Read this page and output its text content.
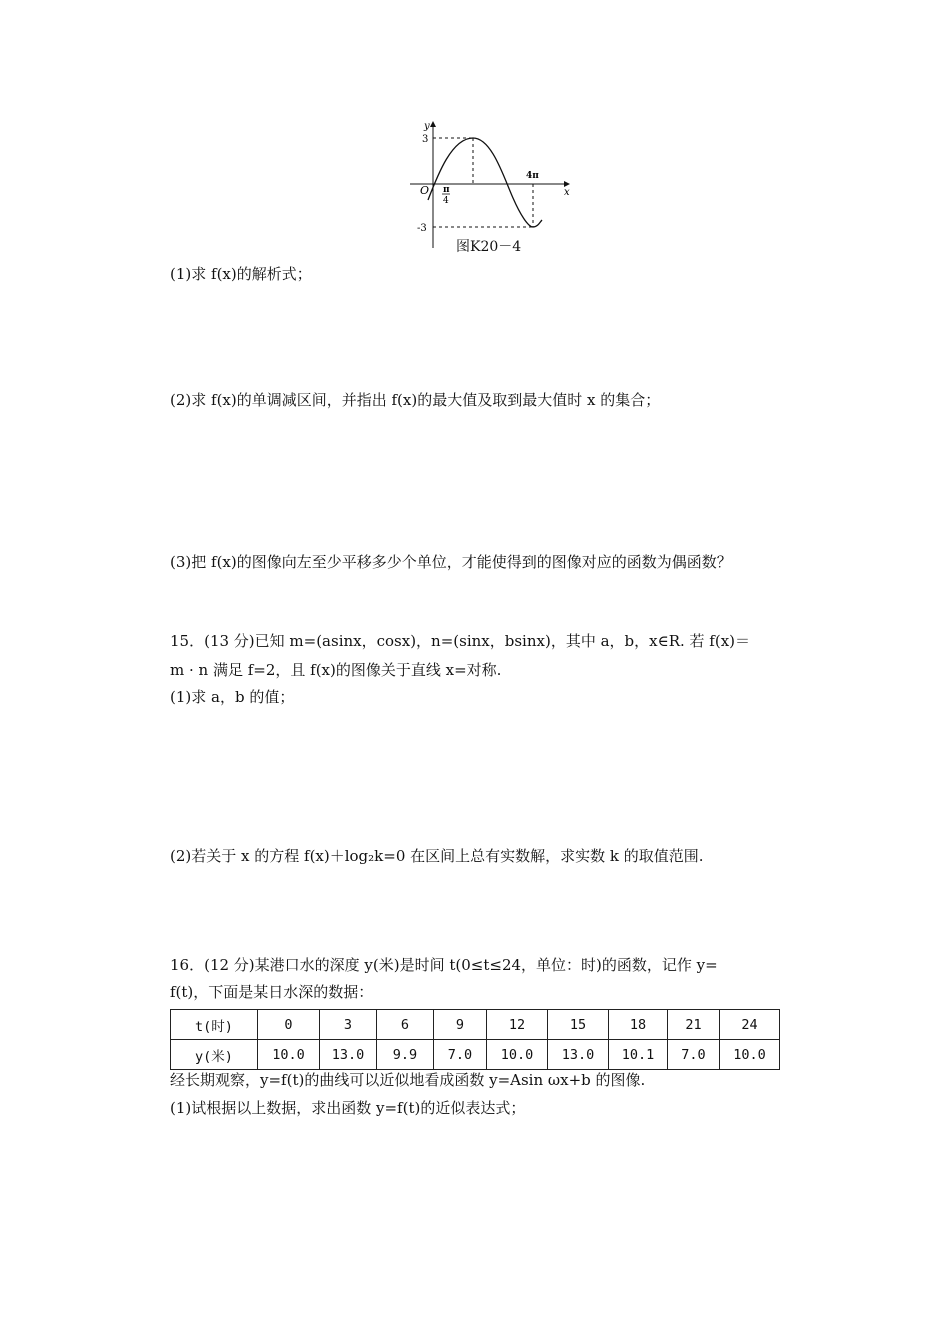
y
x
O
3
-3
π
4
4π
图K20－4
(1)求 f(x)的解析式；
(2)求 f(x)的单调减区间，并指出 f(x)的最大值及取到最大值时 x 的集合；
(3)把 f(x)的图像向左至少平移多少个单位，才能使得到的图像对应的函数为偶函数？
15．(13 分)已知 m=(asinx，cosx)，n=(sinx，bsinx)，其中 a，b，x∈R. 若 f(x)＝
m · n 满足 f=2，且 f(x)的图像关于直线 x=对称.
(1)求 a，b 的值；
(2)若关于 x 的方程 f(x)＋log₂k=0 在区间上总有实数解，求实数 k 的取值范围.
16．(12 分)某港口水的深度 y(米)是时间 t(0≤t≤24，单位：时)的函数，记作 y=
f(t)，下面是某日水深的数据：
t(时)	0	3	6	9	12	15	18	21	24
y(米)	10.0	13.0	9.9	7.0	10.0	13.0	10.1	7.0	10.0
经长期观察，y=f(t)的曲线可以近似地看成函数 y=Asin ωx+b 的图像.
(1)试根据以上数据，求出函数 y=f(t)的近似表达式；
